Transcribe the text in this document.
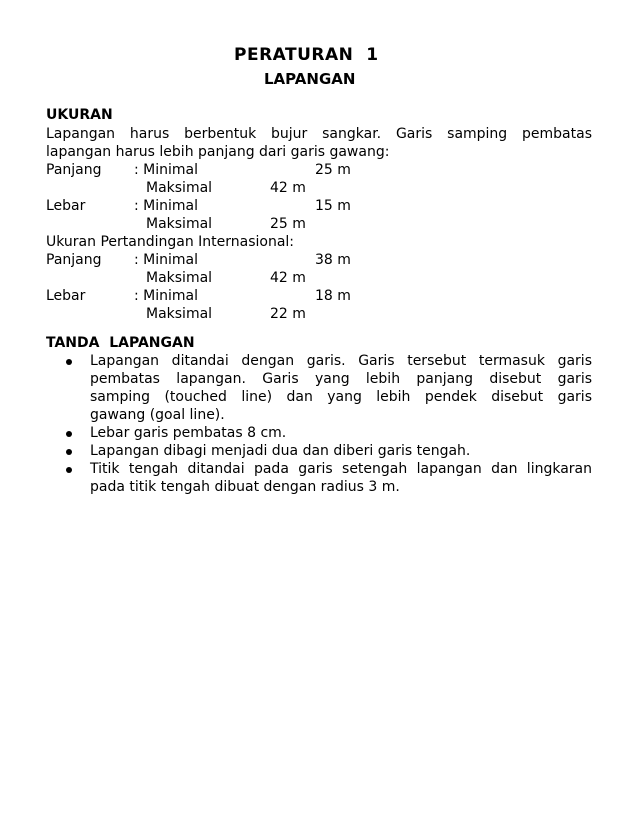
PERATURAN  1
LAPANGAN
UKURAN
Lapangan harus berbentuk bujur sangkar. Garis samping pembatas
lapangan harus lebih panjang dari garis gawang:
Panjang : Minimal	25 m
Maksimal	42 m
Lebar	: Minimal	15 m
Maksimal	25 m
Ukuran Pertandingan Internasional:
Panjang : Minimal	38 m
Maksimal	42 m
Lebar	: Minimal	18 m
Maksimal	22 m
TANDA  LAPANGAN
Lapangan ditandai dengan garis. Garis tersebut termasuk garis
pembatas lapangan. Garis yang lebih panjang disebut garis
samping (touched line) dan yang lebih pendek disebut garis
gawang (goal line).
Lebar garis pembatas 8 cm.
Lapangan dibagi menjadi dua dan diberi garis tengah.
Titik tengah ditandai pada garis setengah lapangan dan lingkaran
pada titik tengah dibuat dengan radius 3 m.
